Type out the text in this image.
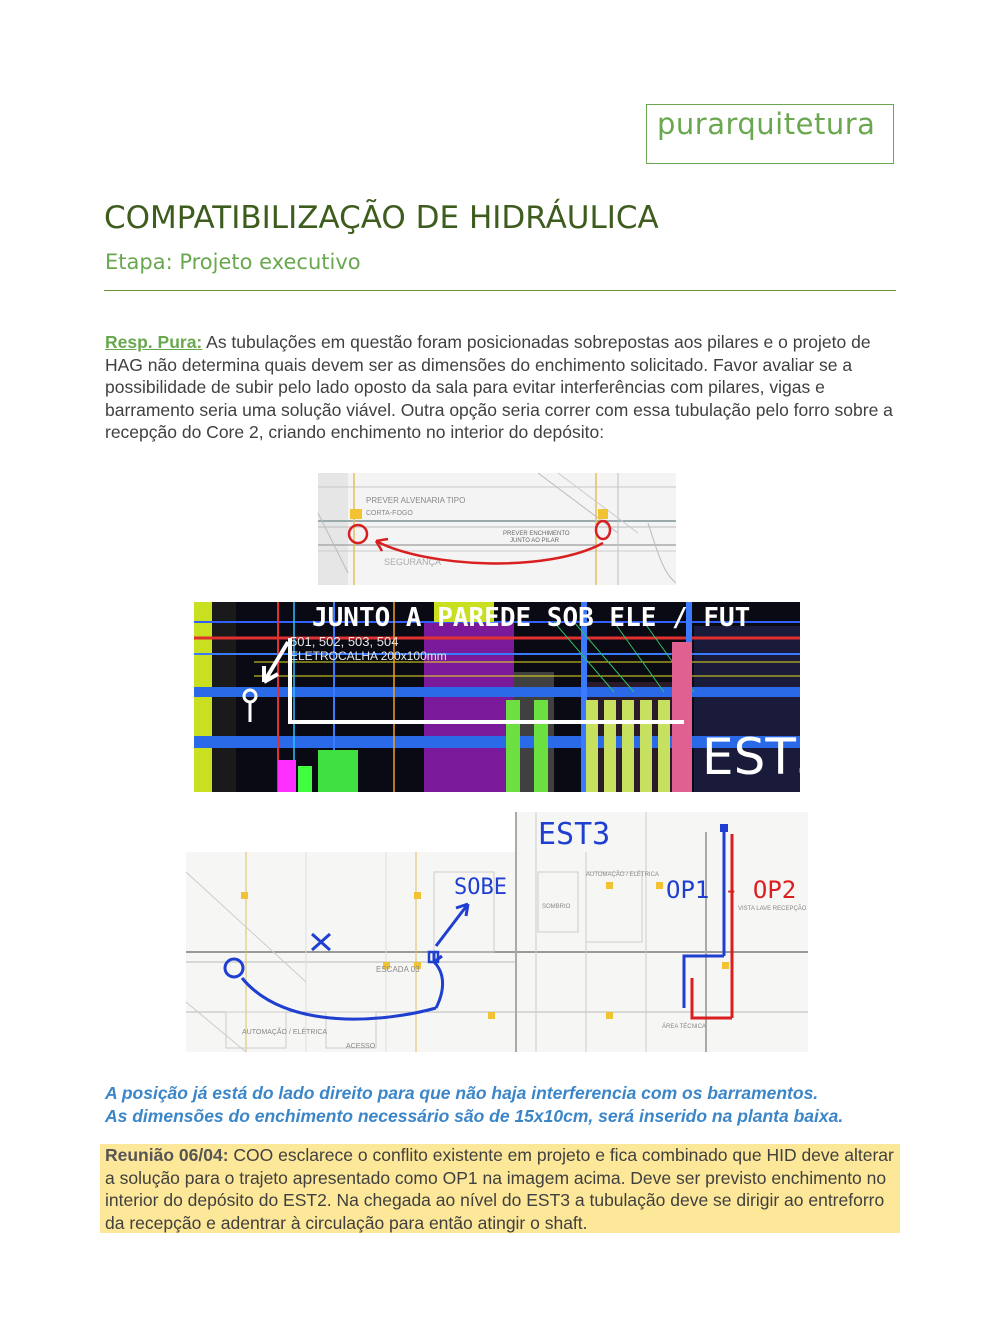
purarquitetura
COMPATIBILIZAÇÃO DE HIDRÁULICA
Etapa: Projeto executivo

Resp. Pura: As tubulações em questão foram posicionadas sobrepostas aos pilares e o projeto de HAG não determina quais devem ser as dimensões do enchimento solicitado. Favor avaliar se a possibilidade de subir pelo lado oposto da sala para evitar interferências com pilares, vigas e barramento seria uma solução viável. Outra opção seria correr com essa tubulação pelo forro sobre a recepção do Core 2, criando enchimento no interior do depósito:

PREVER ALVENARIA TIPO
CORTA-FOGO
PREVER ENCHIMENTO
JUNTO AO PILAR
SEGURANÇA
501, 502, 503, 504
ELETROCALHA 200x100mm
JUNTO A PAREDE SOB ELE / FUT
EST3
ESCADA 03
AUTOMAÇÃO / ELÉTRICA
ACESSO
SOMBRIO
AUTOMAÇÃO / ELÉTRICA
VISTA LAVE RECEPÇÃO
ÁREA TÉCNICA
EST3
SOBE	OP1 - OP2

A posição já está do lado direito para que não haja interferencia com os barramentos.
As dimensões do enchimento necessário são de 15x10cm, será inserido na planta baixa.

Reunião 06/04: COO esclarece o conflito existente em projeto e fica combinado que HID deve alterar a solução para o trajeto apresentado como OP1 na imagem acima. Deve ser previsto enchimento no interior do depósito do EST2. Na chegada ao nível do EST3 a tubulação deve se dirigir ao entreforro da recepção e adentrar à circulação para então atingir o shaft.
